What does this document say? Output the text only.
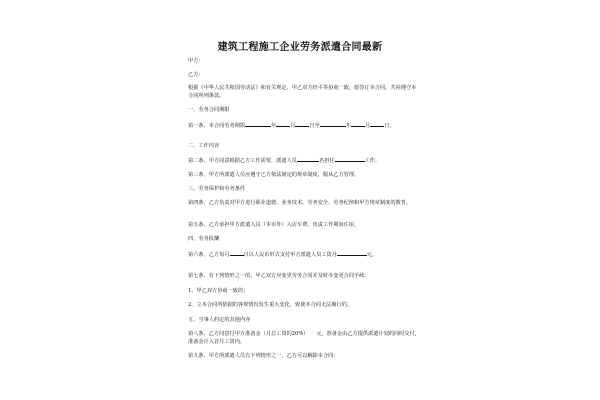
建筑工程施工企业劳务派遣合同最新
甲方：
乙方：
根据《中华人民共和国劳动法》和有关规定，甲乙双方经平等协商一致，愿签订本合同，共同遵守本合同所列条款。
一、劳务合同期限
第一条、本合同劳务期限	年	月	日至	年	月	日。
二、工作内容
第二条、甲方同意根据乙方工作需要，派遣人员	名担任	工作。
第三条、甲方所派遣人员应遵守乙方依法制定的规章制度，服从乙方管理。
三、劳务保护和劳务条件
第四条、乙方负责对甲方进行职业道德、业务技术、劳务安全、劳务纪律和甲方规章制度的教育。
第五条、乙方承担甲方派遣人员（本市外）入店车费，负责工作期间住宿。
四、劳务报酬
第六条、乙方每月	日以人民币形式支付甲方派遣人员工资月	元。
第七条、有下列情形之一的，甲乙双方应变更劳务合同并及时办变更合同手续：
1、甲乙双方协商一致的；
2、立本合同所依据的客观情况发生重大变化，致使本合同无法履行的。
五、当事人约定的其他内容
第八条、乙方同意付甲方准备金（月总工资的20%）　　元，准备金由乙方提供派遣计划的同时交付，准备金计入首月工资内。
第九条、甲方所派遣人员有下列情形之一，乙方可以解除本合同：
